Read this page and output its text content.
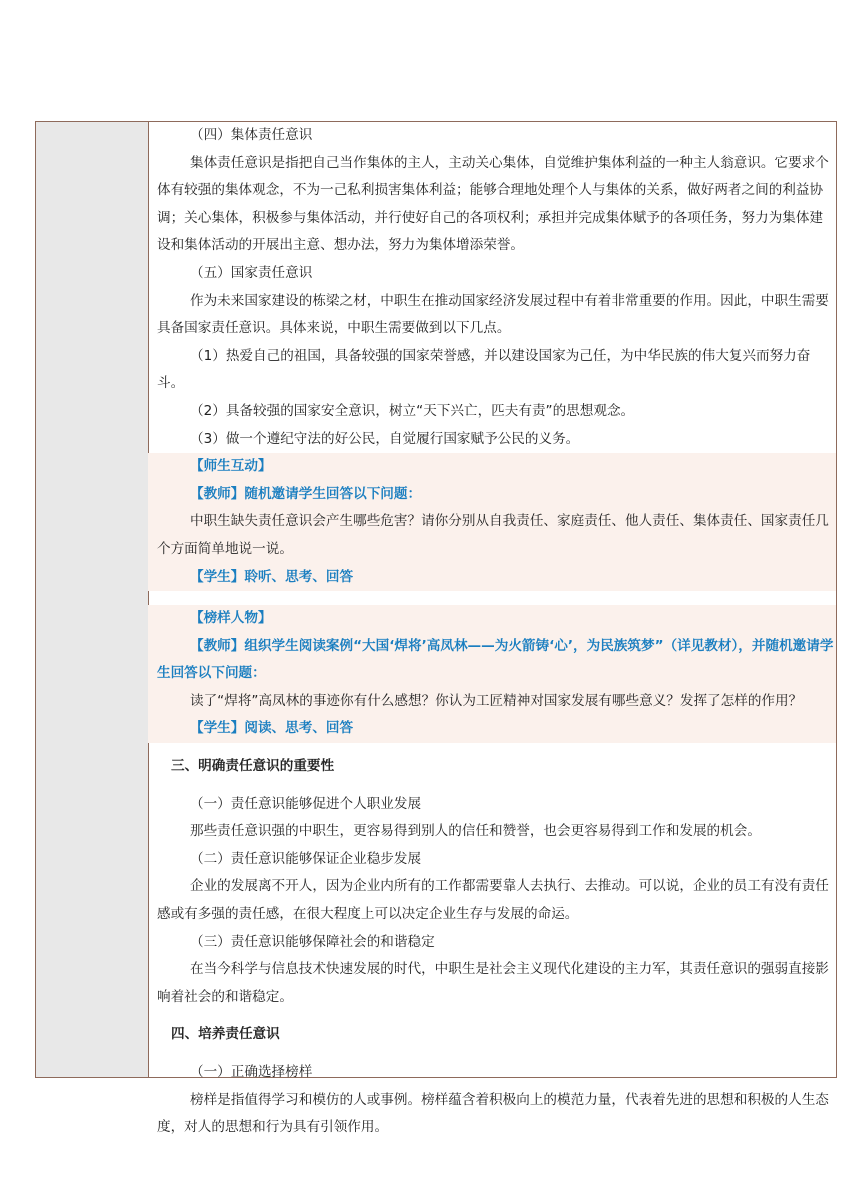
（四）集体责任意识

集体责任意识是指把自己当作集体的主人，主动关心集体，自觉维护集体利益的一种主人翁意识。它要求个体有较强的集体观念，不为一己私利损害集体利益；能够合理地处理个人与集体的关系，做好两者之间的利益协调；关心集体，积极参与集体活动，并行使好自己的各项权利；承担并完成集体赋予的各项任务，努力为集体建设和集体活动的开展出主意、想办法，努力为集体增添荣誉。

（五）国家责任意识

作为未来国家建设的栋梁之材，中职生在推动国家经济发展过程中有着非常重要的作用。因此，中职生需要具备国家责任意识。具体来说，中职生需要做到以下几点。

（1）热爱自己的祖国，具备较强的国家荣誉感，并以建设国家为己任，为中华民族的伟大复兴而努力奋斗。

（2）具备较强的国家安全意识，树立“天下兴亡，匹夫有责”的思想观念。

（3）做一个遵纪守法的好公民，自觉履行国家赋予公民的义务。

【师生互动】

【教师】随机邀请学生回答以下问题：

中职生缺失责任意识会产生哪些危害？请你分别从自我责任、家庭责任、他人责任、集体责任、国家责任几个方面简单地说一说。

【学生】聆听、思考、回答

【榜样人物】

【教师】组织学生阅读案例“大国‘焊将’高凤林——为火箭铸‘心’，为民族筑梦”（详见教材），并随机邀请学生回答以下问题：

读了“焊将”高凤林的事迹你有什么感想？你认为工匠精神对国家发展有哪些意义？发挥了怎样的作用？

【学生】阅读、思考、回答

三、明确责任意识的重要性

（一）责任意识能够促进个人职业发展

那些责任意识强的中职生，更容易得到别人的信任和赞誉，也会更容易得到工作和发展的机会。

（二）责任意识能够保证企业稳步发展

企业的发展离不开人，因为企业内所有的工作都需要靠人去执行、去推动。可以说，企业的员工有没有责任感或有多强的责任感，在很大程度上可以决定企业生存与发展的命运。

（三）责任意识能够保障社会的和谐稳定

在当今科学与信息技术快速发展的时代，中职生是社会主义现代化建设的主力军，其责任意识的强弱直接影响着社会的和谐稳定。

四、培养责任意识

（一）正确选择榜样

榜样是指值得学习和模仿的人或事例。榜样蕴含着积极向上的模范力量，代表着先进的思想和积极的人生态度，对人的思想和行为具有引领作用。
